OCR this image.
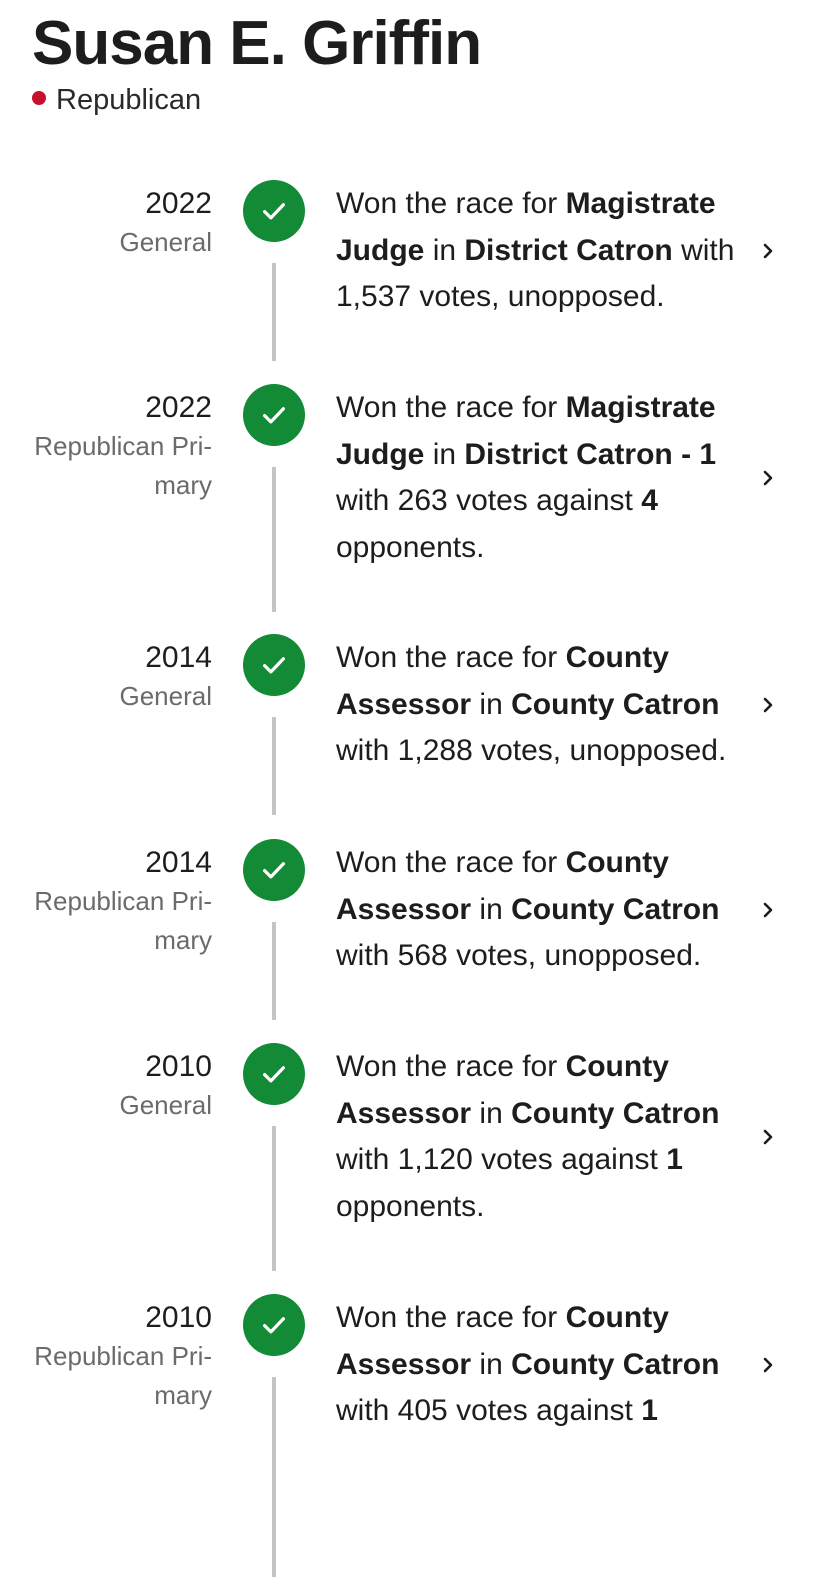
Susan E. Griffin
Republican
2022
General
Won the race for Magistrate Judge in District Catron with 1,537 votes, unopposed.
2022
Republican Pri-mary
Won the race for Magistrate Judge in District Catron - 1 with 263 votes against 4 opponents.
2014
General
Won the race for County Assessor in County Catron with 1,288 votes, unopposed.
2014
Republican Pri-mary
Won the race for County Assessor in County Catron with 568 votes, unopposed.
2010
General
Won the race for County Assessor in County Catron with 1,120 votes against 1 opponents.
2010
Republican Pri-mary
Won the race for County Assessor in County Catron with 405 votes against 1
